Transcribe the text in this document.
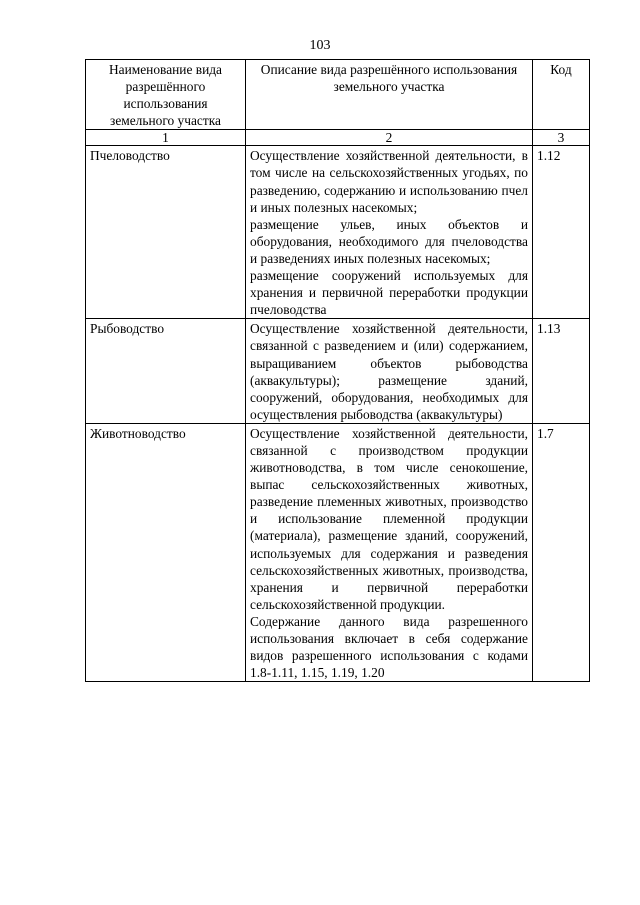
103
Наименование вида разрешённого использования земельного участка	Описание вида разрешённого использования земельного участка	Код
1	2	3
Пчеловодство	Осуществление хозяйственной деятельности, в том числе на сельскохозяйственных угодьях, по разведению, содержанию и использованию пчел и иных полезных насекомых;
размещение ульев, иных объектов и оборудования, необходимого для пчеловодства и разведениях иных полезных насекомых;
размещение сооружений используемых для хранения и первичной переработки продукции пчеловодства	1.12
Рыбоводство	Осуществление хозяйственной деятельности, связанной с разведением и (или) содержанием, выращиванием объектов рыбоводства (аквакультуры); размещение зданий, сооружений, оборудования, необходимых для осуществления рыбоводства (аквакультуры)	1.13
Животноводство	Осуществление хозяйственной деятельности, связанной с производством продукции животноводства, в том числе сенокошение, выпас сельскохозяйственных животных, разведение племенных животных, производство и использование племенной продукции (материала), размещение зданий, сооружений, используемых для содержания и разведения сельскохозяйственных животных, производства, хранения и первичной переработки сельскохозяйственной продукции.
Содержание данного вида разрешенного использования включает в себя содержание видов разрешенного использования с кодами 1.8-1.11, 1.15, 1.19, 1.20	1.7
